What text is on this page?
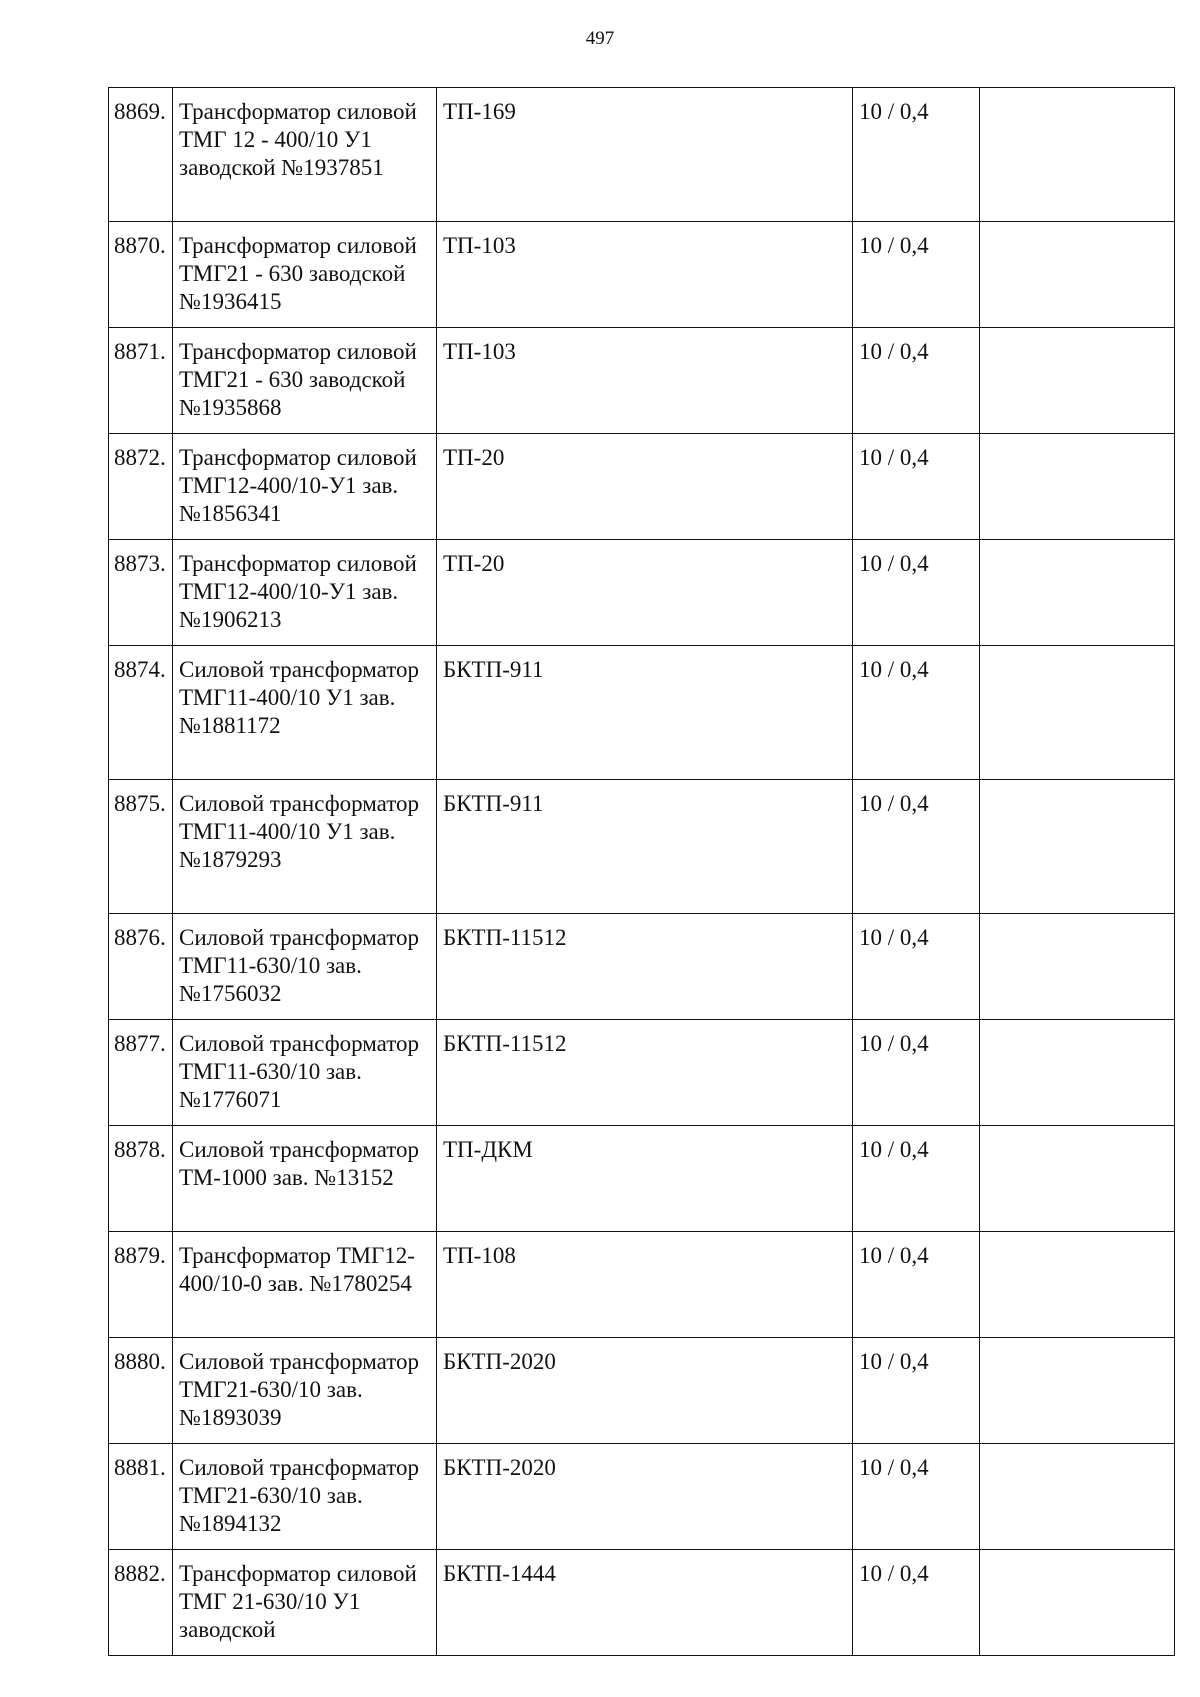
497
8869.	Трансформатор силовой ТМГ 12 - 400/10 У1 заводской №1937851	ТП-169	10 / 0,4	
8870.	Трансформатор силовой ТМГ21 - 630 заводской №1936415	ТП-103	10 / 0,4	
8871.	Трансформатор силовой ТМГ21 - 630 заводской №1935868	ТП-103	10 / 0,4	
8872.	Трансформатор силовой ТМГ12-400/10-У1 зав. №1856341	ТП-20	10 / 0,4	
8873.	Трансформатор силовой ТМГ12-400/10-У1 зав.№1906213	ТП-20	10 / 0,4	
8874.	Силовой трансформатор ТМГ11-400/10 У1 зав. №1881172	БКТП-911	10 / 0,4	
8875.	Силовой трансформатор ТМГ11-400/10 У1 зав. №1879293	БКТП-911	10 / 0,4	
8876.	Силовой трансформатор ТМГ11-630/10 зав. №1756032	БКТП-11512	10 / 0,4	
8877.	Силовой трансформатор ТМГ11-630/10 зав. №1776071	БКТП-11512	10 / 0,4	
8878.	Силовой трансформатор ТМ-1000 зав. №13152	ТП-ДКМ	10 / 0,4	
8879.	Трансформатор ТМГ12-400/10-0 зав. №1780254	ТП-108	10 / 0,4	
8880.	Силовой трансформатор ТМГ21-630/10 зав.№1893039	БКТП-2020	10 / 0,4	
8881.	Силовой трансформатор ТМГ21-630/10 зав. №1894132	БКТП-2020	10 / 0,4	
8882.	Трансформатор силовой ТМГ 21-630/10 У1 заводской	БКТП-1444	10 / 0,4	
